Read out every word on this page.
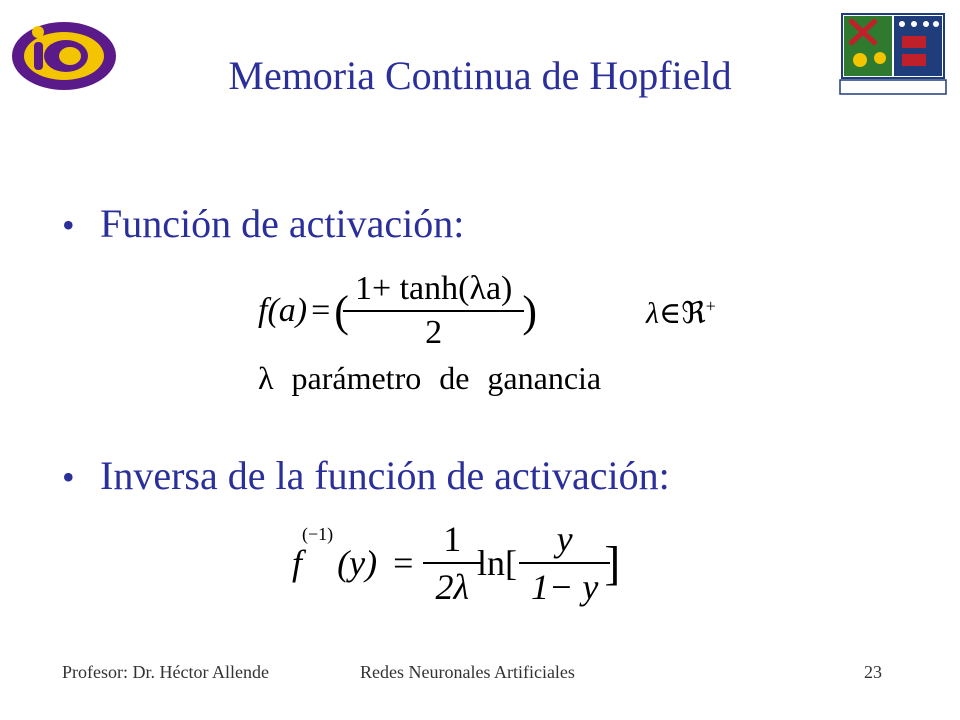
Memoria Continua de Hopfield
• Función de activación:
f(a) = ( $\frac{1+ \tanh(\lambda a)}{2}$ )	λ∈ℜ+
λ parámetro de ganancia
• Inversa de la función de activación:
f
$^{(-1)}$
$(y) = \frac{1}{2\lambda} \ln[ \frac{y}{1- y}$ ]
Profesor: Dr. Héctor Allende	Redes Neuronales Artificiales	23
